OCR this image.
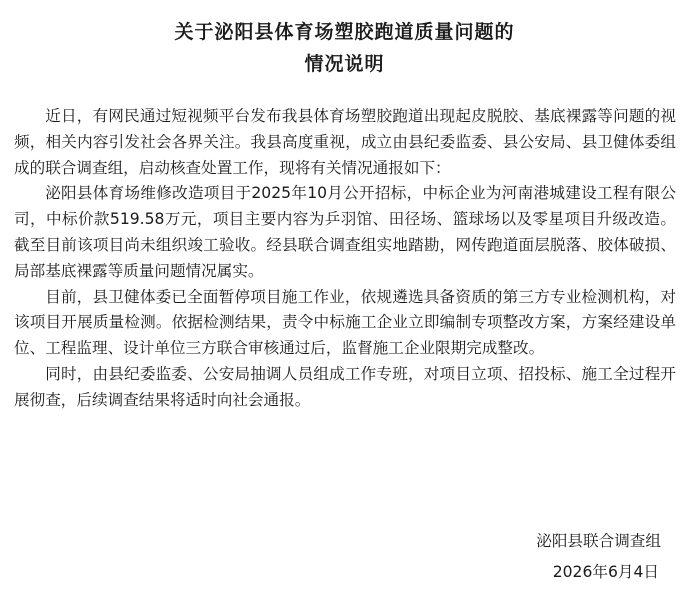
关于泌阳县体育场塑胶跑道质量问题的
情况说明

近日，有网民通过短视频平台发布我县体育场塑胶跑道出现起皮脱胶、基底裸露等问题的视频，相关内容引发社会各界关注。我县高度重视，成立由县纪委监委、县公安局、县卫健体委组成的联合调查组，启动核查处置工作，现将有关情况通报如下：

泌阳县体育场维修改造项目于2025年10月公开招标，中标企业为河南港城建设工程有限公司，中标价款519.58万元，项目主要内容为乒羽馆、田径场、篮球场以及零星项目升级改造。截至目前该项目尚未组织竣工验收。经县联合调查组实地踏勘，网传跑道面层脱落、胶体破损、局部基底裸露等质量问题情况属实。

目前，县卫健体委已全面暂停项目施工作业，依规遴选具备资质的第三方专业检测机构，对该项目开展质量检测。依据检测结果，责令中标施工企业立即编制专项整改方案，方案经建设单位、工程监理、设计单位三方联合审核通过后，监督施工企业限期完成整改。

同时，由县纪委监委、公安局抽调人员组成工作专班，对项目立项、招投标、施工全过程开展彻查，后续调查结果将适时向社会通报。

泌阳县联合调查组
2026年6月4日
